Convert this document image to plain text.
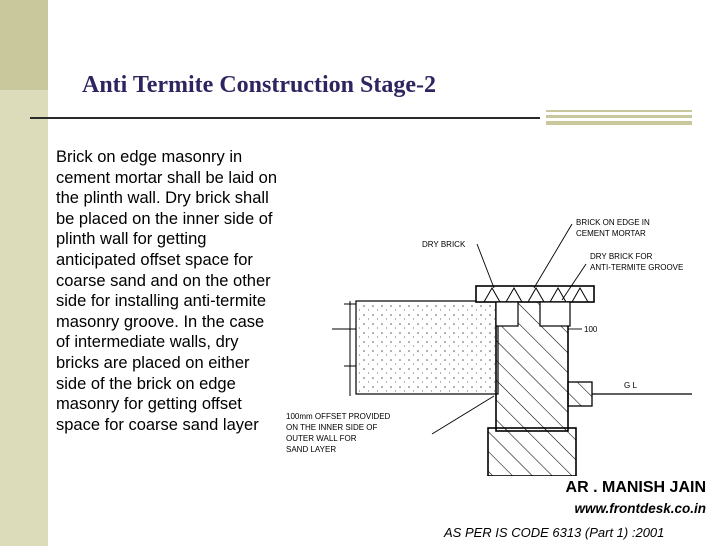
Anti Termite Construction Stage-2
Brick on edge masonry in cement mortar shall be laid on the plinth wall. Dry brick shall be placed on the inner side of plinth wall for getting anticipated offset space for coarse sand and on the other side for installing anti-termite masonry groove. In the case of intermediate walls, dry bricks are placed on either side of the brick on edge masonry for getting offset space for coarse sand layer
BRICK ON EDGE IN
CEMENT MORTAR
DRY BRICK
DRY BRICK FOR
ANTI-TERMITE GROOVE
100
G L
100mm OFFSET PROVIDED
ON THE INNER SIDE OF
OUTER WALL FOR
SAND LAYER
AR . MANISH JAIN
www.frontdesk.co.in
AS PER IS CODE 6313 (Part 1) :2001
